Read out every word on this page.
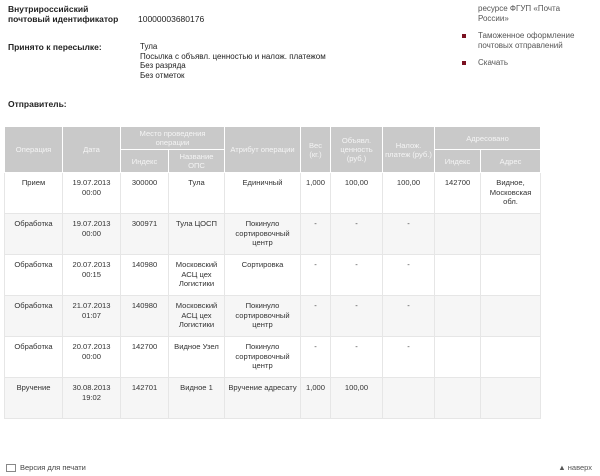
Внутрироссийский
почтовый идентификатор 10000003680176
Принято к пересылке:	Тула
Посылка с объявл. ценностью и налож. платежом
Без разряда
Без отметок
ресурсе ФГУП «Почта
России»
Таможенное оформление почтовых отправлений
Скачать
Отправитель:
Операция	Дата	Место проведения операции		Атрибут операции	Вес (кг.)	Объявл. ценность (руб.)	Налож. платеж (руб.)	Адресовано	
		Индекс	Название ОПС					Индекс	Адрес
Прием	19.07.2013 00:00	300000	Тула	Единичный	1,000	100,00	100,00	142700	Видное, Московская обл.
Обработка	19.07.2013 00:00	300971	Тула ЦОСП	Покинуло сортировочный центр	-	-	-		
Обработка	20.07.2013 00:15	140980	Московский АСЦ цех Логистики	Сортировка	-	-	-		
Обработка	21.07.2013 01:07	140980	Московский АСЦ цех Логистики	Покинуло сортировочный центр	-	-	-		
Обработка	20.07.2013 00:00	142700	Видное Узел	Покинуло сортировочный центр	-	-	-		
Вручение	30.08.2013 19:02	142701	Видное 1	Вручение адресату	1,000	100,00			
Версия для печати	▲ наверх
